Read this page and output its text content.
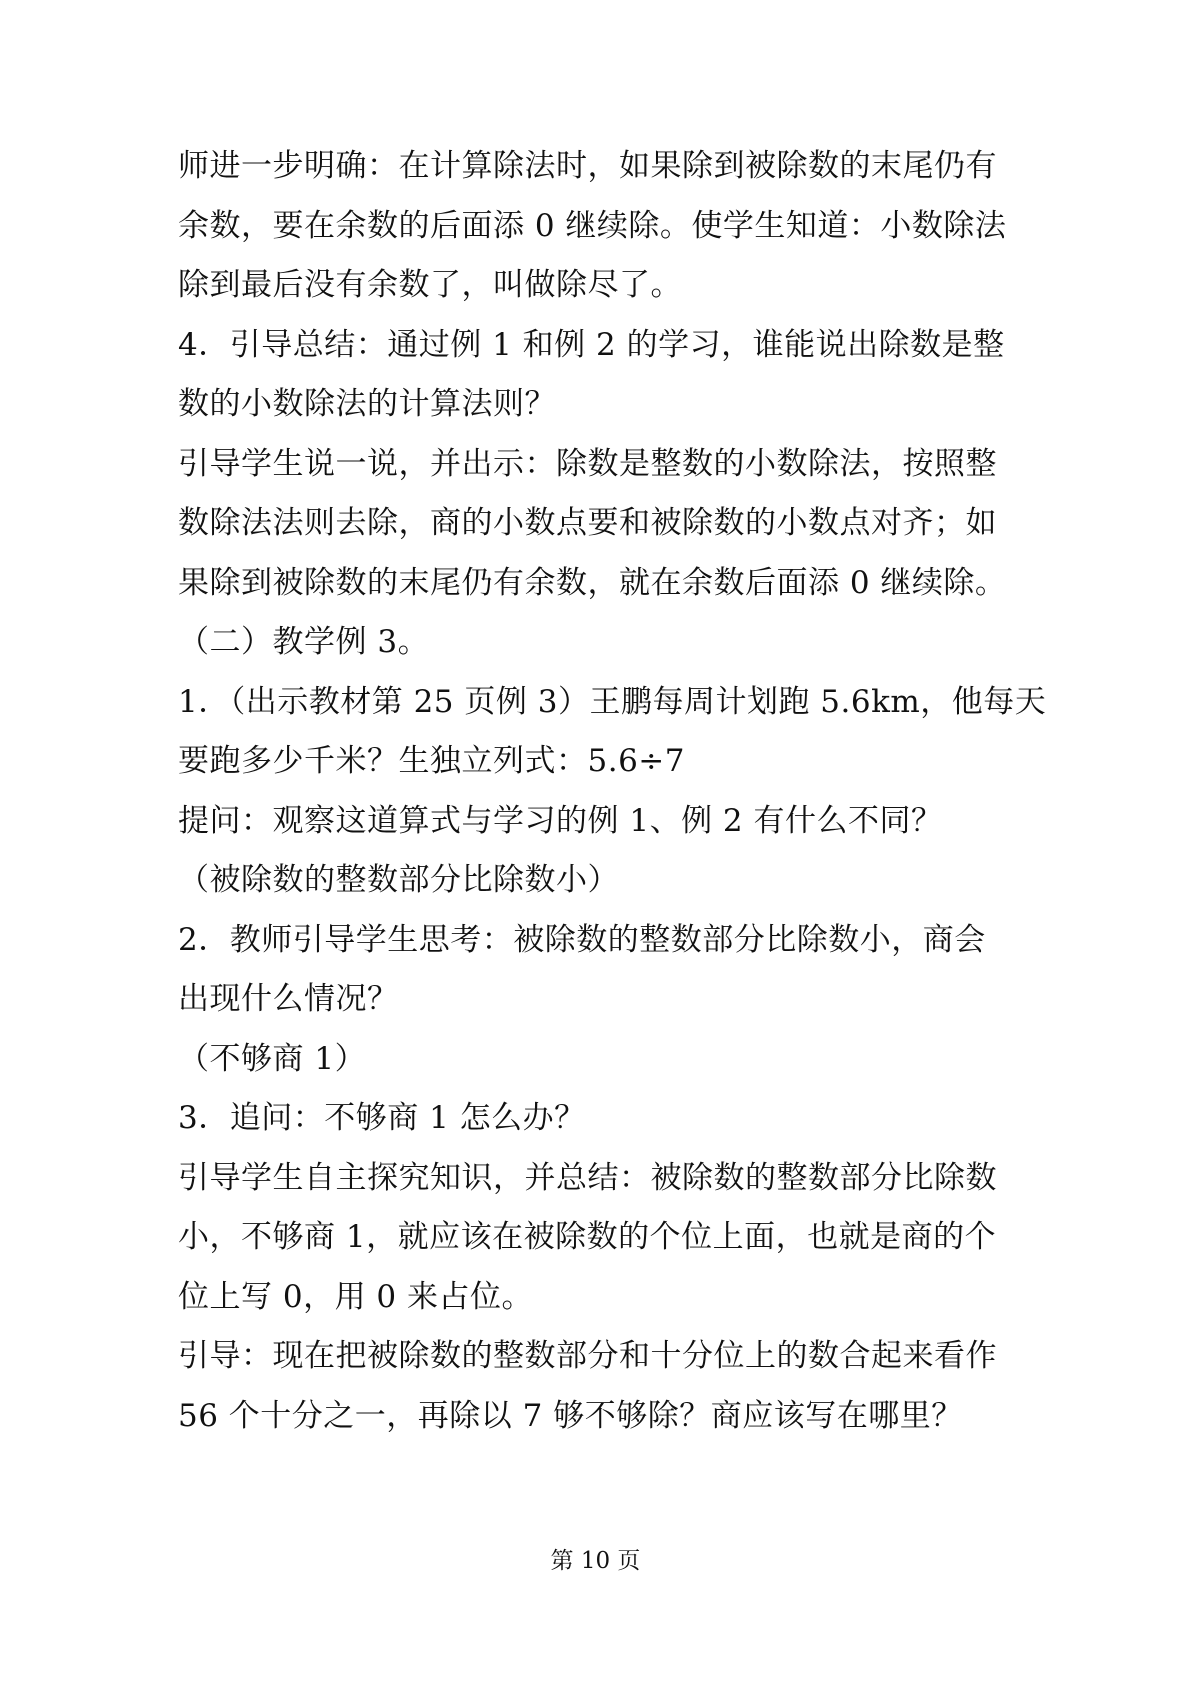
师进一步明确：在计算除法时，如果除到被除数的末尾仍有
余数，要在余数的后面添 0 继续除。使学生知道：小数除法
除到最后没有余数了，叫做除尽了。
4．引导总结：通过例 1 和例 2 的学习，谁能说出除数是整
数的小数除法的计算法则？
引导学生说一说，并出示：除数是整数的小数除法，按照整
数除法法则去除，商的小数点要和被除数的小数点对齐；如
果除到被除数的末尾仍有余数，就在余数后面添 0 继续除。
（二）教学例 3。
1．（出示教材第 25 页例 3）王鹏每周计划跑 5.6km，他每天
要跑多少千米？生独立列式：5.6÷7
提问：观察这道算式与学习的例 1、例 2 有什么不同？
（被除数的整数部分比除数小）
2．教师引导学生思考：被除数的整数部分比除数小，商会
出现什么情况？
（不够商 1）
3．追问：不够商 1 怎么办？
引导学生自主探究知识，并总结：被除数的整数部分比除数
小，不够商 1，就应该在被除数的个位上面，也就是商的个
位上写 0，用 0 来占位。
引导：现在把被除数的整数部分和十分位上的数合起来看作
56 个十分之一，再除以 7 够不够除？商应该写在哪里？
第 10 页
